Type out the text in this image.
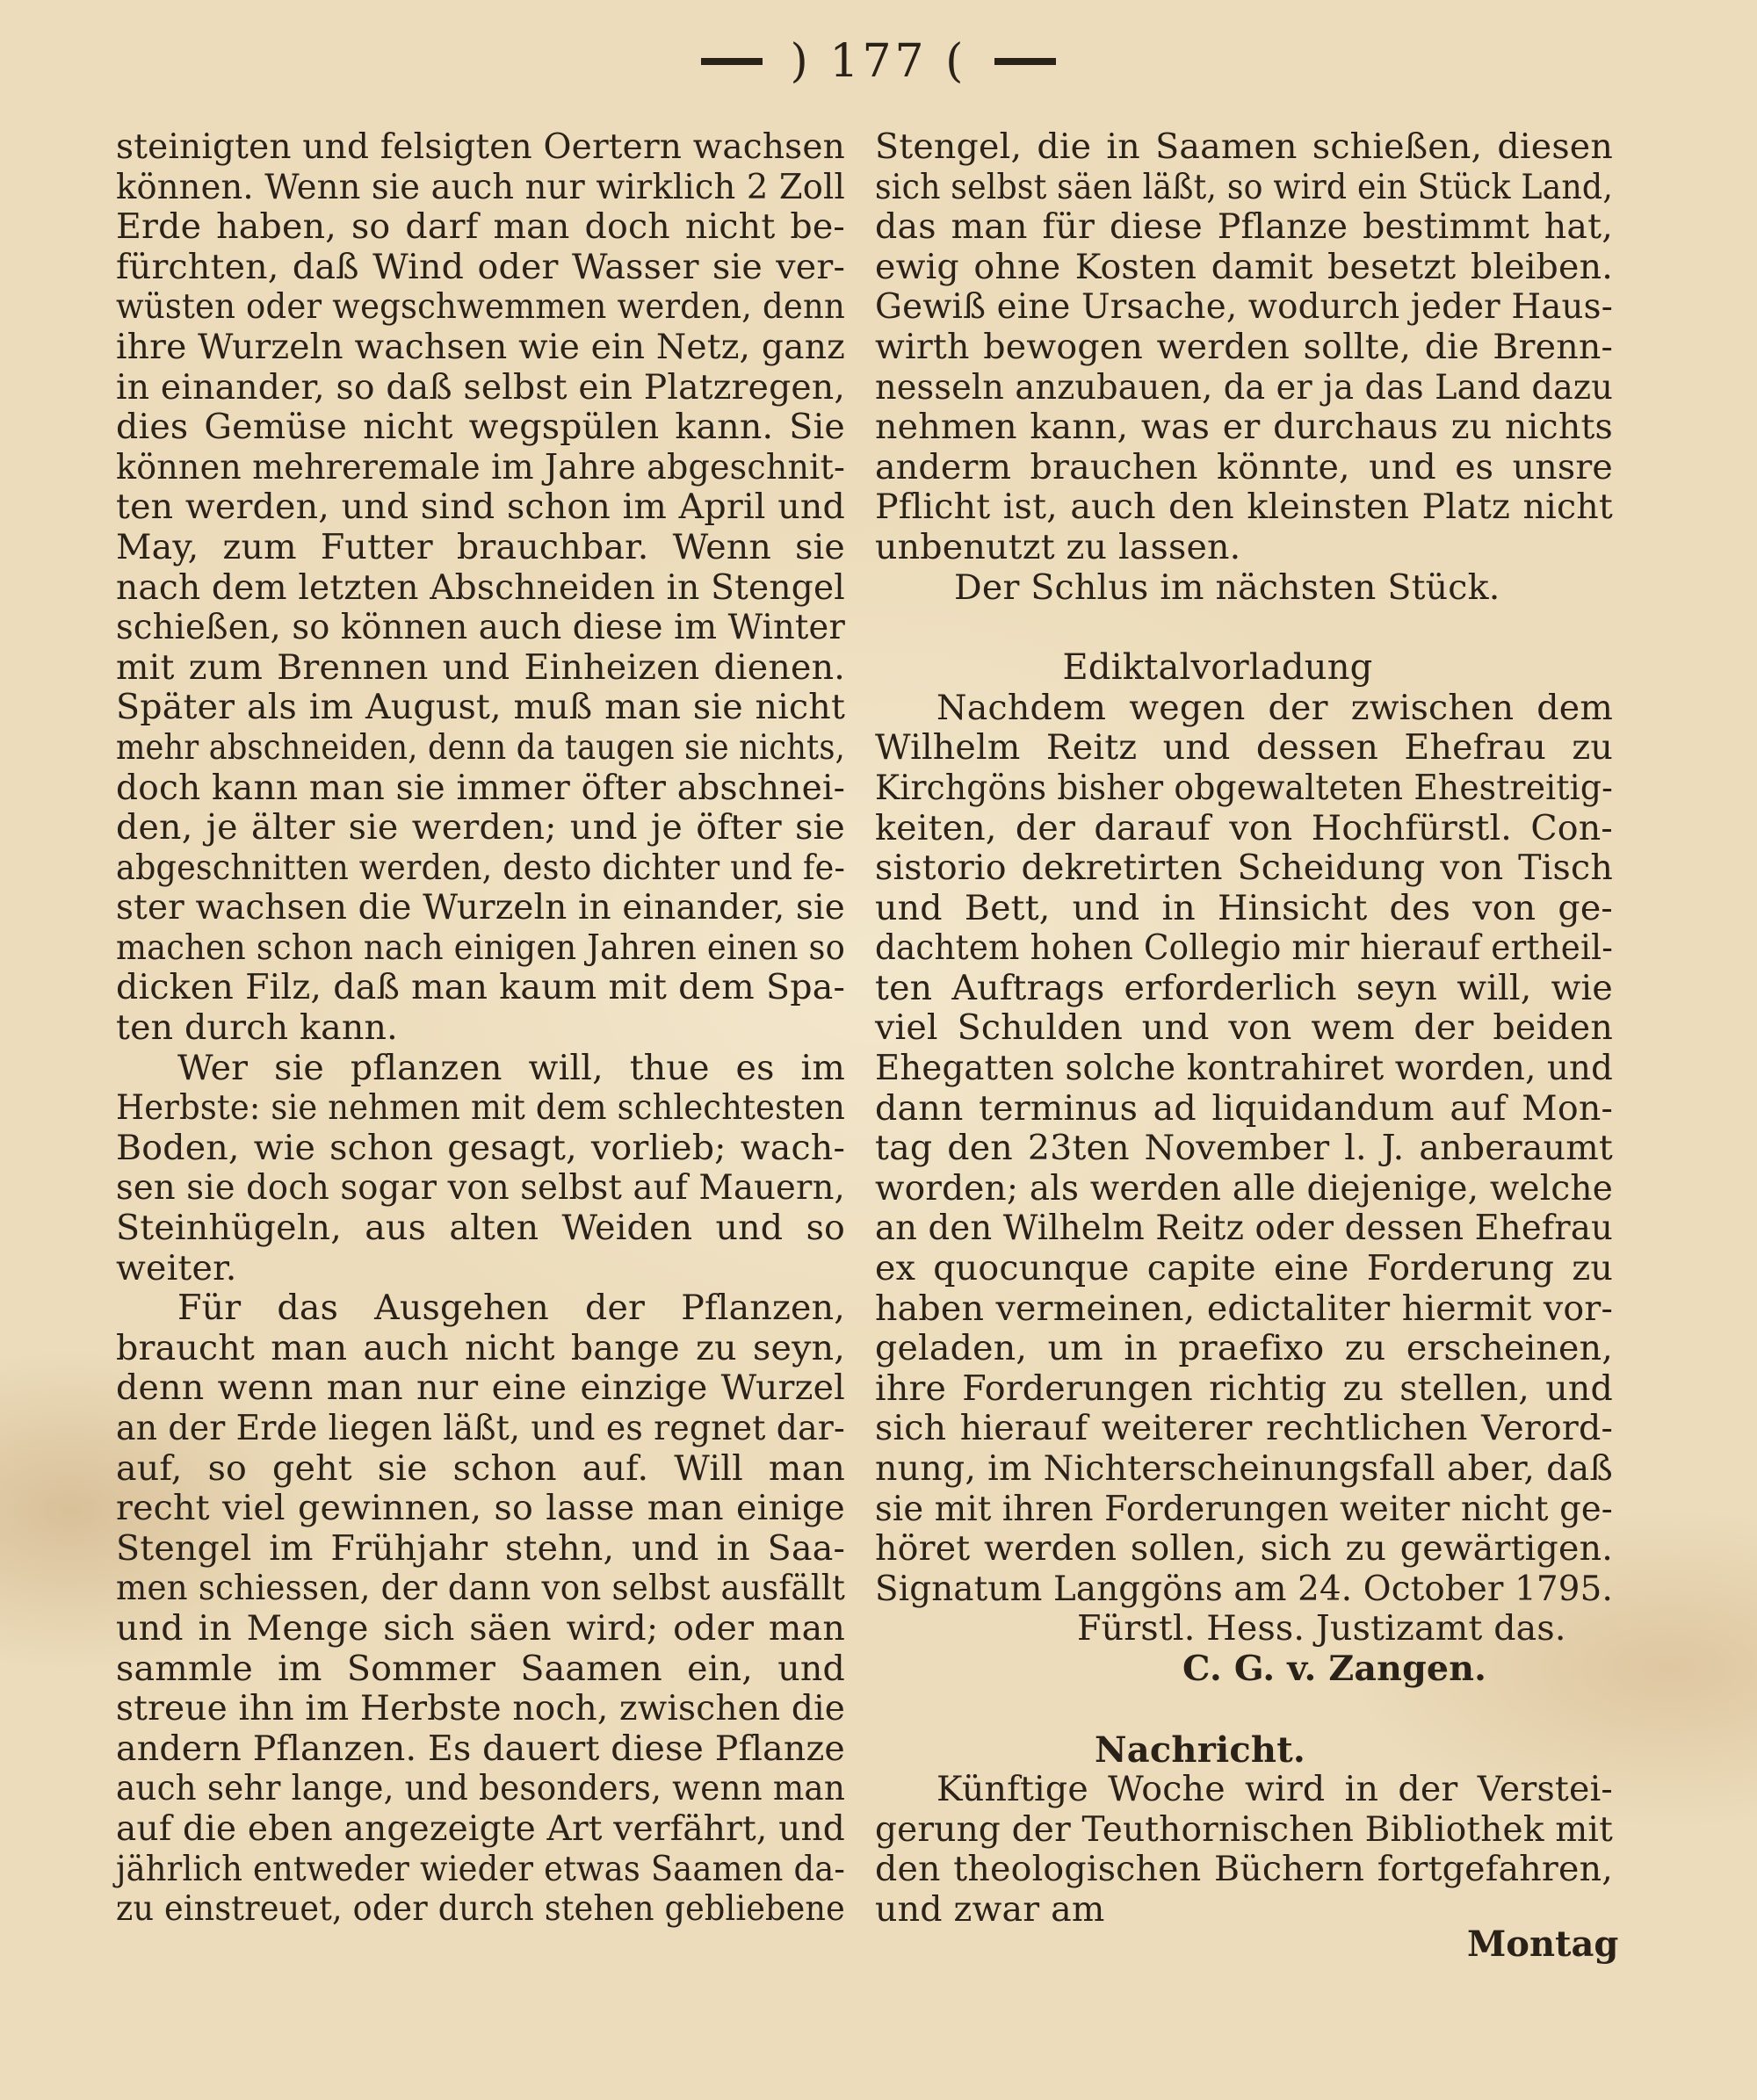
) 177 (
steinigten und felsigten Oertern wachsen
können. Wenn sie auch nur wirklich 2 Zoll
Erde haben, so darf man doch nicht be-
fürchten, daß Wind oder Wasser sie ver-
wüsten oder wegschwemmen werden, denn
ihre Wurzeln wachsen wie ein Netz, ganz
in einander, so daß selbst ein Platzregen,
dies Gemüse nicht wegspülen kann. Sie
können mehreremale im Jahre abgeschnit-
ten werden, und sind schon im April und
May, zum Futter brauchbar. Wenn sie
nach dem letzten Abschneiden in Stengel
schießen, so können auch diese im Winter
mit zum Brennen und Einheizen dienen.
Später als im August, muß man sie nicht
mehr abschneiden, denn da taugen sie nichts,
doch kann man sie immer öfter abschnei-
den, je älter sie werden; und je öfter sie
abgeschnitten werden, desto dichter und fe-
ster wachsen die Wurzeln in einander, sie
machen schon nach einigen Jahren einen so
dicken Filz, daß man kaum mit dem Spa-
ten durch kann.
Wer sie pflanzen will, thue es im
Herbste: sie nehmen mit dem schlechtesten
Boden, wie schon gesagt, vorlieb; wach-
sen sie doch sogar von selbst auf Mauern,
Steinhügeln, aus alten Weiden und so
weiter.
Für das Ausgehen der Pflanzen,
braucht man auch nicht bange zu seyn,
denn wenn man nur eine einzige Wurzel
an der Erde liegen läßt, und es regnet dar-
auf, so geht sie schon auf. Will man
recht viel gewinnen, so lasse man einige
Stengel im Frühjahr stehn, und in Saa-
men schiessen, der dann von selbst ausfällt
und in Menge sich säen wird; oder man
sammle im Sommer Saamen ein, und
streue ihn im Herbste noch, zwischen die
andern Pflanzen. Es dauert diese Pflanze
auch sehr lange, und besonders, wenn man
auf die eben angezeigte Art verfährt, und
jährlich entweder wieder etwas Saamen da-
zu einstreuet, oder durch stehen gebliebene
Stengel, die in Saamen schießen, diesen
sich selbst säen läßt, so wird ein Stück Land,
das man für diese Pflanze bestimmt hat,
ewig ohne Kosten damit besetzt bleiben.
Gewiß eine Ursache, wodurch jeder Haus-
wirth bewogen werden sollte, die Brenn-
nesseln anzubauen, da er ja das Land dazu
nehmen kann, was er durchaus zu nichts
anderm brauchen könnte, und es unsre
Pflicht ist, auch den kleinsten Platz nicht
unbenutzt zu lassen.
Der Schlus im nächsten Stück.
Ediktalvorladung
Nachdem wegen der zwischen dem
Wilhelm Reitz und dessen Ehefrau zu
Kirchgöns bisher obgewalteten Ehestreitig-
keiten, der darauf von Hochfürstl. Con-
sistorio dekretirten Scheidung von Tisch
und Bett, und in Hinsicht des von ge-
dachtem hohen Collegio mir hierauf ertheil-
ten Auftrags erforderlich seyn will, wie
viel Schulden und von wem der beiden
Ehegatten solche kontrahiret worden, und
dann terminus ad liquidandum auf Mon-
tag den 23ten November l. J. anberaumt
worden; als werden alle diejenige, welche
an den Wilhelm Reitz oder dessen Ehefrau
ex quocunque capite eine Forderung zu
haben vermeinen, edictaliter hiermit vor-
geladen, um in praefixo zu erscheinen,
ihre Forderungen richtig zu stellen, und
sich hierauf weiterer rechtlichen Verord-
nung, im Nichterscheinungsfall aber, daß
sie mit ihren Forderungen weiter nicht ge-
höret werden sollen, sich zu gewärtigen.
Signatum Langgöns am 24. October 1795.
Fürstl. Hess. Justizamt das.
C. G. v. Zangen.
Nachricht.
Künftige Woche wird in der Verstei-
gerung der Teuthornischen Bibliothek mit
den theologischen Büchern fortgefahren,
und zwar am
Montag
